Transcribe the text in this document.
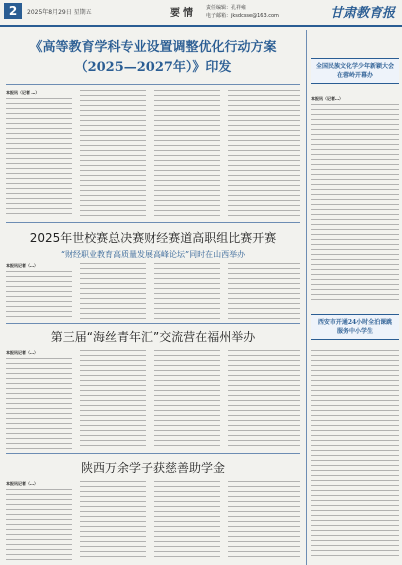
2	2025年8月29日 星期五	要情 责任编辑：孔祥雍
电子邮箱：jksdcsse@163.com	甘肃教育报
《高等教育学科专业设置调整优化行动方案
（2025—2027年）》印发
本报讯（记者 …）
2025年世校赛总决赛财经赛道高职组比赛开赛
“财经职业教育高质量发展高峰论坛”同时在山西举办
本报讯记者（…）
第三届“海丝青年汇”交流营在福州举办
本报讯记者（…）
陕西万余学子获慈善助学金
本报讯记者（…）
全国民族文化学少年新颖大会
在蓉岭开幕办
本报讯（记者…）
西安市开通24小时全泊课跳
服务中小学生
